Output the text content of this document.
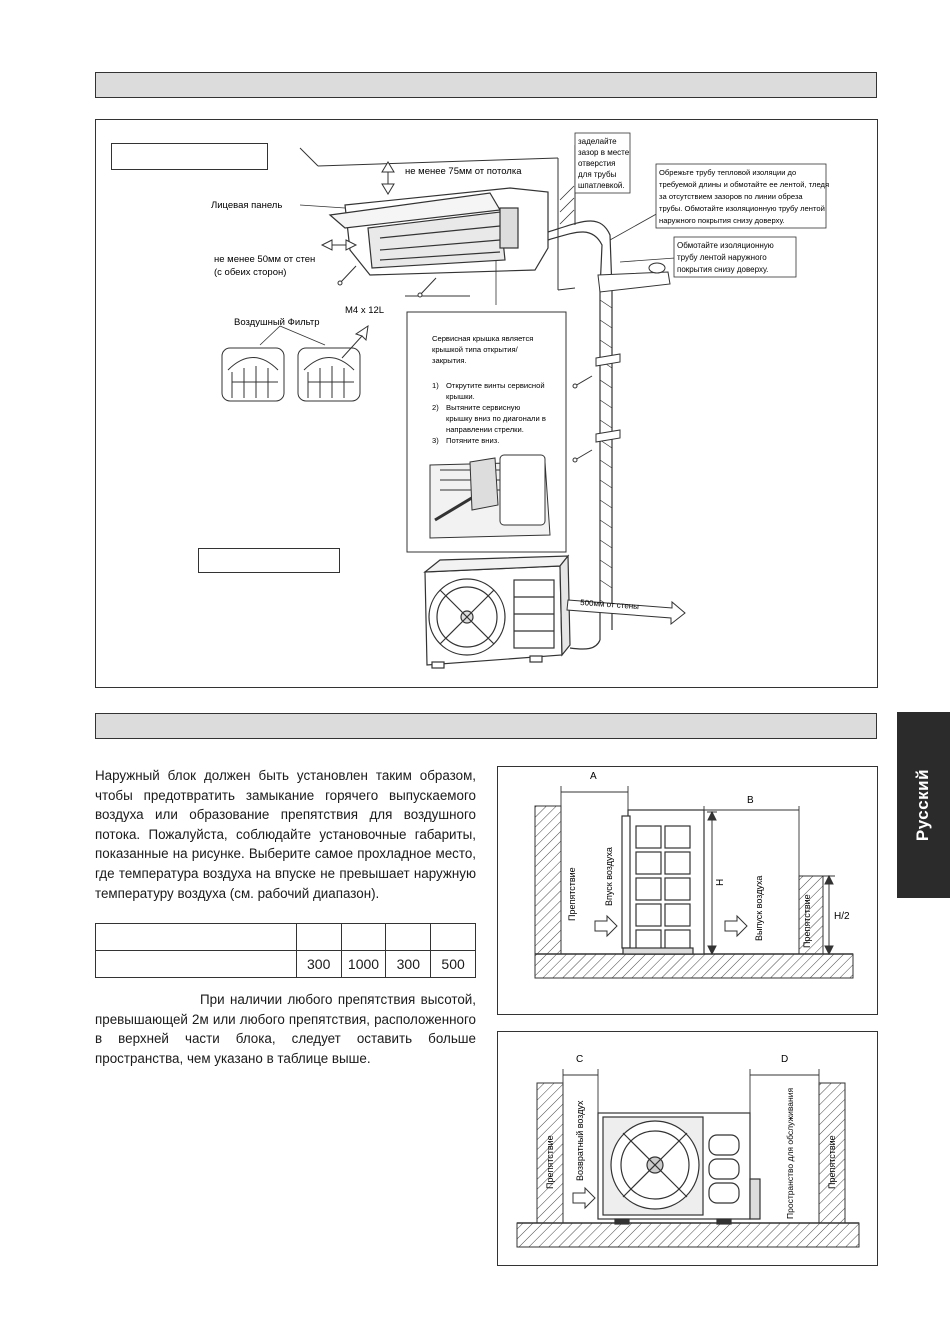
Русский
заделайте
зазор в месте
отверстия
для трубы
шпатлевкой.
не менее 75мм от потолка
Лицевая панель
не менее 50мм от стен
(с обеих сторон)
M4 x 12L
Воздушный Фильтр
Обрежьте трубу тепловой изоляции до
требуемой длины и обмотайте ее лентой, тледя
за отсутствием зазоров по линии обреза
трубы. Обмотайте изоляционную трубу лентой
наружного покрытия снизу доверху.
Обмотайте изоляционную
трубу лентой наружного
покрытия снизу доверху.
Сервисная крышка является
крышкой типа открытия/
закрытия.
1) Открутите винты сервисной
крышки.
2) Вытяните сервисную
крышку вниз по диагонали в
направлении стрелки.
3) Потяните вниз.
500мм от стены
Наружный блок должен быть установлен таким образом, чтобы предотвратить замыкание горячего выпускаемого воздуха или образование препятствия для воздушного потока. Пожалуйста, соблюдайте установочные габариты, показанные на рисунке. Выберите самое прохладное место, где температура воздуха на впуске не превышает наружную температуру воздуха (см. рабочий диапазон).

	300	1000	300	500
При наличии любого препятствия высотой, превышающей 2м или любого препятствия, расположенного в верхней части блока, следует оставить больше пространства, чем указано в таблице выше.
A
B
H
H/2
Препятствие	Впуск воздуха	Выпуск воздуха	Препятствие
C	D
Препятствие Возвратный воздух	Пространство для обслуживания	Препятствие
